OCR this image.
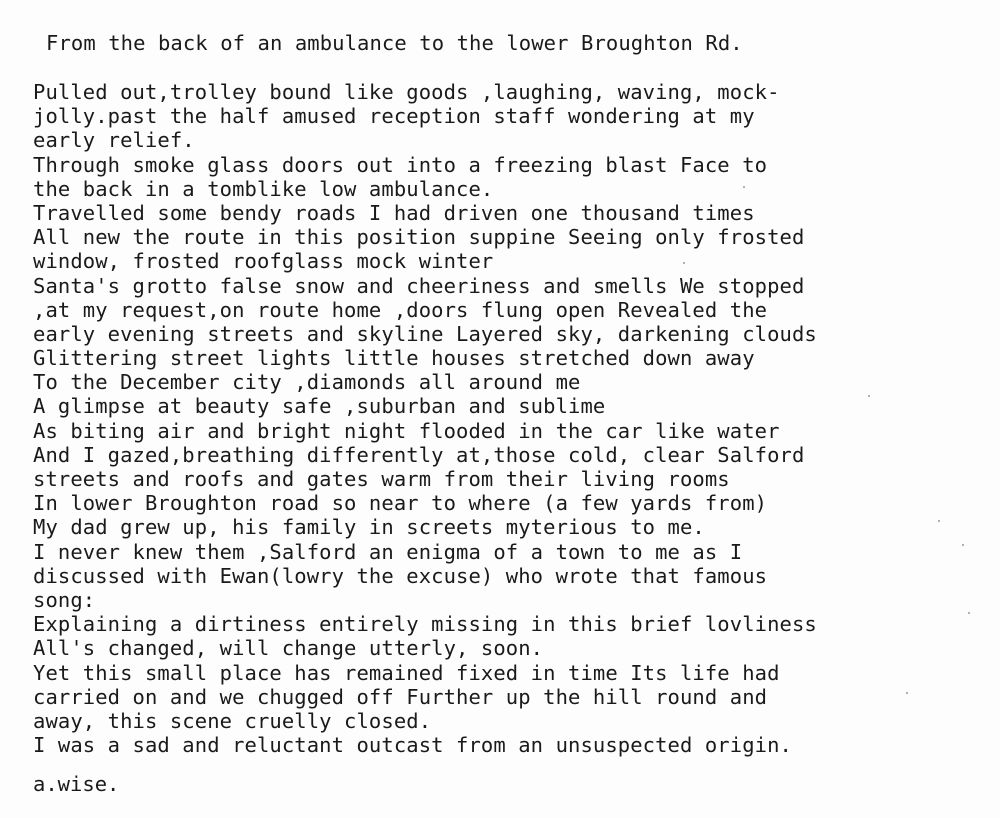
From the back of an ambulance to the lower Broughton Rd.
Pulled out,trolley bound like goods ,laughing, waving, mock-
jolly.past the half amused reception staff wondering at my
early relief.
Through smoke glass doors out into a freezing blast Face to
the back in a tomblike low ambulance.
Travelled some bendy roads I had driven one thousand times
All new the route in this position suppine Seeing only frosted
window, frosted roofglass mock winter
Santa's grotto false snow and cheeriness and smells We stopped
,at my request,on route home ,doors flung open Revealed the
early evening streets and skyline Layered sky, darkening clouds
Glittering street lights little houses stretched down away
To the December city ,diamonds all around me
A glimpse at beauty safe ,suburban and sublime
As biting air and bright night flooded in the car like water
And I gazed,breathing differently at,those cold, clear Salford
streets and roofs and gates warm from their living rooms
In lower Broughton road so near to where (a few yards from)
My dad grew up, his family in screets myterious to me.
I never knew them ,Salford an enigma of a town to me as I
discussed with Ewan(lowry the excuse) who wrote that famous
song:
Explaining a dirtiness entirely missing in this brief lovliness
All's changed, will change utterly, soon.
Yet this small place has remained fixed in time Its life had
carried on and we chugged off Further up the hill round and
away, this scene cruelly closed.
I was a sad and reluctant outcast from an unsuspected origin.
a.wise.
